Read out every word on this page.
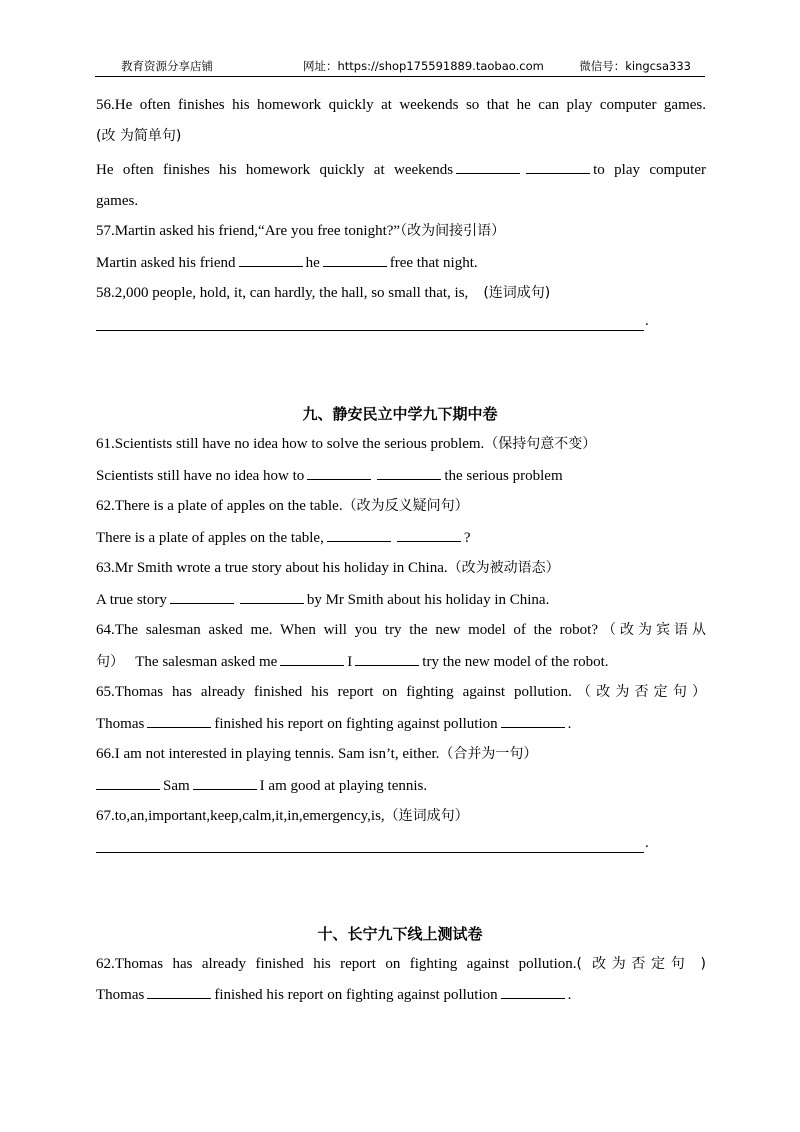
教育资源分享店铺	网址：https://shop175591889.taobao.com	微信号：kingcsa333
56.He often finishes his homework quickly at weekends so that he can play computer games.
(改 为简单句)
He often finishes his homework quickly at weekends	to play computer
games.
57.Martin asked his friend,“Are you free tonight?”（改为间接引语）
Martin asked his friend	he	free that night.
58.2,000 people, hold, it, can hardly, the hall, so small that, is, (连词成句)
.
九、静安民立中学九下期中卷
61.Scientists still have no idea how to solve the serious problem.（保持句意不变）
Scientists still have no idea how to	the serious problem
62.There is a plate of apples on the table.（改为反义疑问句）
There is a plate of apples on the table,	?
63.Mr Smith wrote a true story about his holiday in China.（改为被动语态）
A true story	by Mr Smith about his holiday in China.
64.The salesman asked me. When will you try the new model of the robot?（改为宾语从
句） The salesman asked me	I	try the new model of the robot.
65.Thomas has already finished his report on fighting against pollution.（改为否定句）
Thomas	finished his report on fighting against pollution	.
66.I am not interested in playing tennis. Sam isn’t, either.（合并为一句）
Sam	I am good at playing tennis.
67.to,an,important,keep,calm,it,in,emergency,is,（连词成句）
.
十、长宁九下线上测试卷
62.Thomas has already finished his report on fighting against pollution.( 改为否定句 )
Thomas	finished his report on fighting against pollution	.
